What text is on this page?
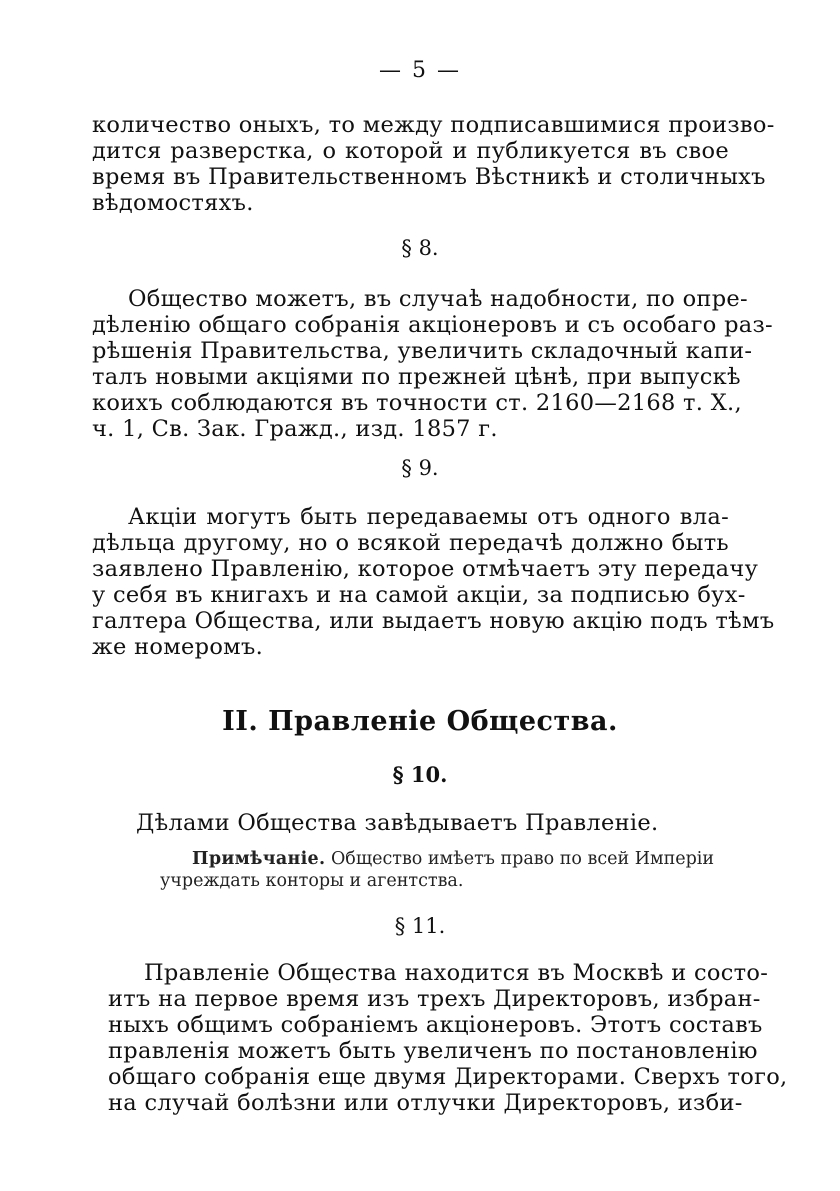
— 5 —
количество оныхъ, то между подписавшимися произво-
дится разверстка, о которой и публикуется въ свое
время въ Правительственномъ Вѣстникѣ и столичныхъ
вѣдомостяхъ.
§ 8.
Общество можетъ, въ случаѣ надобности, по опре-
дѣленію общаго собранія акціонеровъ и съ особаго раз-
рѣшенія Правительства, увеличить складочный капи-
талъ новыми акціями по прежней цѣнѣ, при выпускѣ
коихъ соблюдаются въ точности ст. 2160—2168 т. X.,
ч. 1, Св. Зак. Гражд., изд. 1857 г.
§ 9.
Акціи могутъ быть передаваемы отъ одного вла-
дѣльца другому, но о всякой передачѣ должно быть
заявлено Правленію, которое отмѣчаетъ эту передачу
у себя въ книгахъ и на самой акціи, за подписью бух-
галтера Общества, или выдаетъ новую акцію подъ тѣмъ
же номеромъ.
II. Правленіе Общества.
§ 10.
Дѣлами Общества завѣдываетъ Правленіе.
Примѣчаніе. Общество имѣетъ право по всей Имперіи
учреждать конторы и агентства.
§ 11.
Правленіе Общества находится въ Москвѣ и состо-
итъ на первое время изъ трехъ Директоровъ, избран-
ныхъ общимъ собраніемъ акціонеровъ. Этотъ составъ
правленія можетъ быть увеличенъ по постановленію
общаго собранія еще двумя Директорами. Сверхъ того,
на случай болѣзни или отлучки Директоровъ, изби-
